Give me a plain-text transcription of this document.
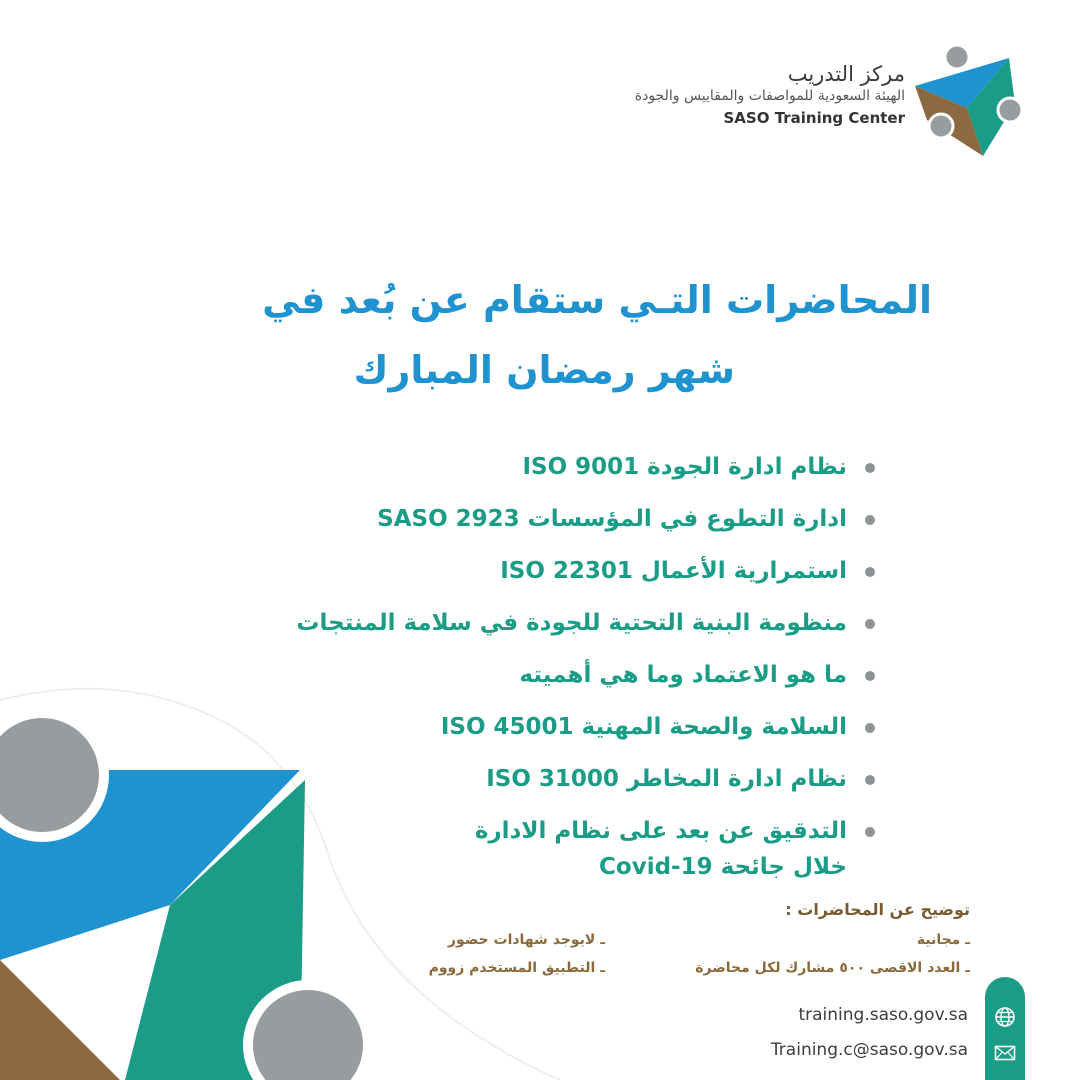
مركز التدريب
الهيئة السعودية للمواصفات والمقاييس والجودة
SASO Training Center
المحاضرات التـي ستقام عن بُعد في
شهر رمضان المبارك
نظام ادارة الجودة ISO 9001
ادارة التطوع في المؤسسات SASO 2923
استمرارية الأعمال ISO 22301
منظومة البنية التحتية للجودة في سلامة المنتجات
ما هو الاعتماد وما هي أهميته
السلامة والصحة المهنية ISO 45001
نظام ادارة المخاطر ISO 31000
التدقيق عن بعد على نظام الادارة
خلال جائحة Covid-19
توضيح عن المحاضرات :
ـ مجانية
ـ العدد الاقصى ٥٠٠ مشارك لكل محاضرة
ـ لايوجد شهادات حضور
ـ التطبيق المستخدم زووم
training.saso.gov.sa
Training.c@saso.gov.sa
